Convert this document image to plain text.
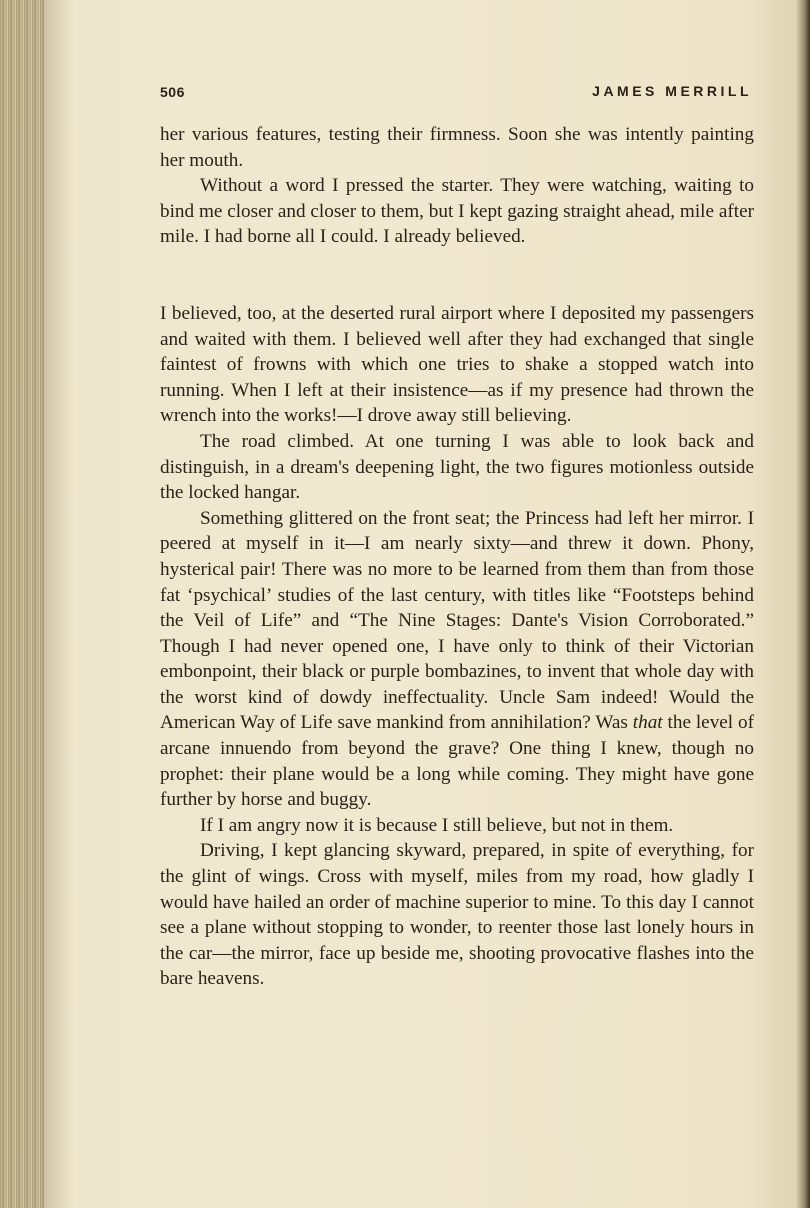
506	JAMES MERRILL

her various features, testing their firmness. Soon she was intently painting her mouth.

Without a word I pressed the starter. They were watching, waiting to bind me closer and closer to them, but I kept gazing straight ahead, mile after mile. I had borne all I could. I already believed.

I believed, too, at the deserted rural airport where I deposited my passengers and waited with them. I believed well after they had exchanged that single faintest of frowns with which one tries to shake a stopped watch into running. When I left at their insistence—as if my presence had thrown the wrench into the works!—I drove away still believing.

The road climbed. At one turning I was able to look back and distinguish, in a dream's deepening light, the two figures motionless outside the locked hangar.

Something glittered on the front seat; the Princess had left her mirror. I peered at myself in it—I am nearly sixty—and threw it down. Phony, hysterical pair! There was no more to be learned from them than from those fat ‘psychical’ studies of the last century, with titles like “Footsteps behind the Veil of Life” and “The Nine Stages: Dante's Vision Corroborated.” Though I had never opened one, I have only to think of their Victorian embonpoint, their black or purple bombazines, to invent that whole day with the worst kind of dowdy ineffectuality. Uncle Sam indeed! Would the American Way of Life save mankind from annihilation? Was that the level of arcane innuendo from beyond the grave? One thing I knew, though no prophet: their plane would be a long while coming. They might have gone further by horse and buggy.

If I am angry now it is because I still believe, but not in them.

Driving, I kept glancing skyward, prepared, in spite of everything, for the glint of wings. Cross with myself, miles from my road, how gladly I would have hailed an order of machine superior to mine. To this day I cannot see a plane without stopping to wonder, to reenter those last lonely hours in the car—the mirror, face up beside me, shooting provocative flashes into the bare heavens.
